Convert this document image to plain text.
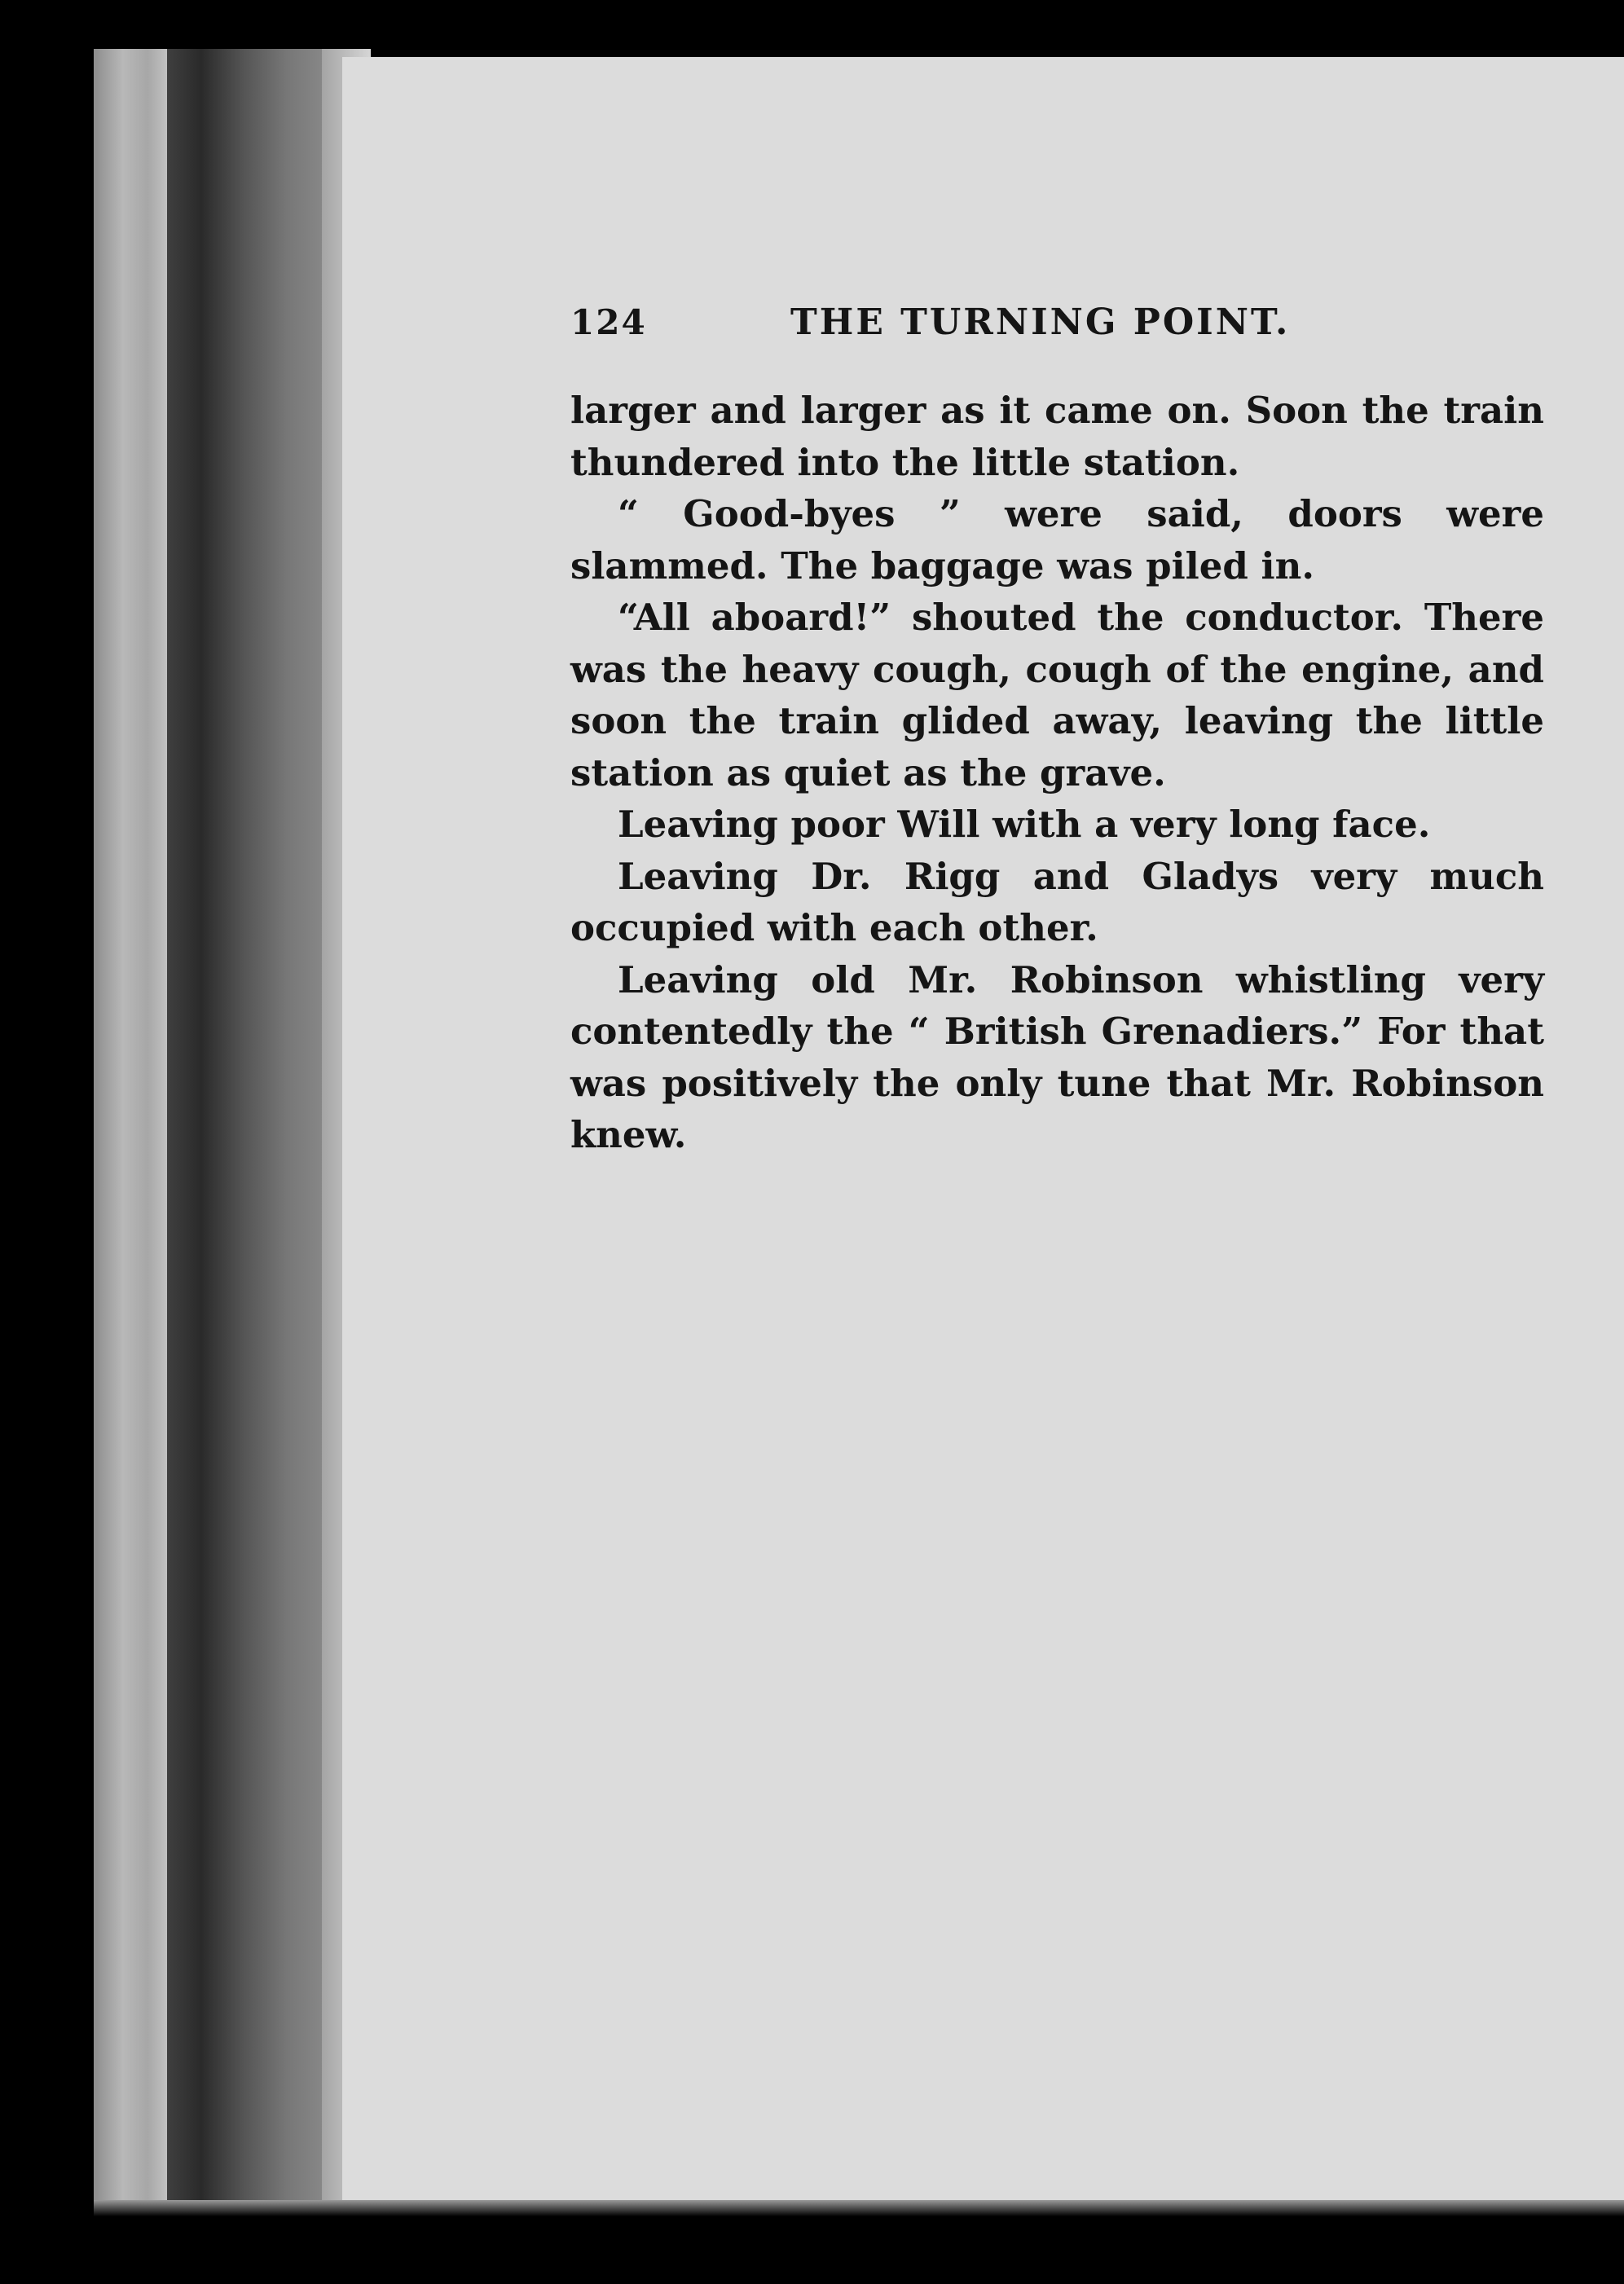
124	THE TURNING POINT.

larger and larger as it came on. Soon the train thundered into the little station.

“ Good-byes ” were said, doors were slammed. The baggage was piled in.

“All aboard!” shouted the conductor. There was the heavy cough, cough of the engine, and soon the train glided away, leaving the little station as quiet as the grave.

Leaving poor Will with a very long face.

Leaving Dr. Rigg and Gladys very much occupied with each other.

Leaving old Mr. Robinson whistling very contentedly the “ British Grenadiers.” For that was positively the only tune that Mr. Robinson knew.
